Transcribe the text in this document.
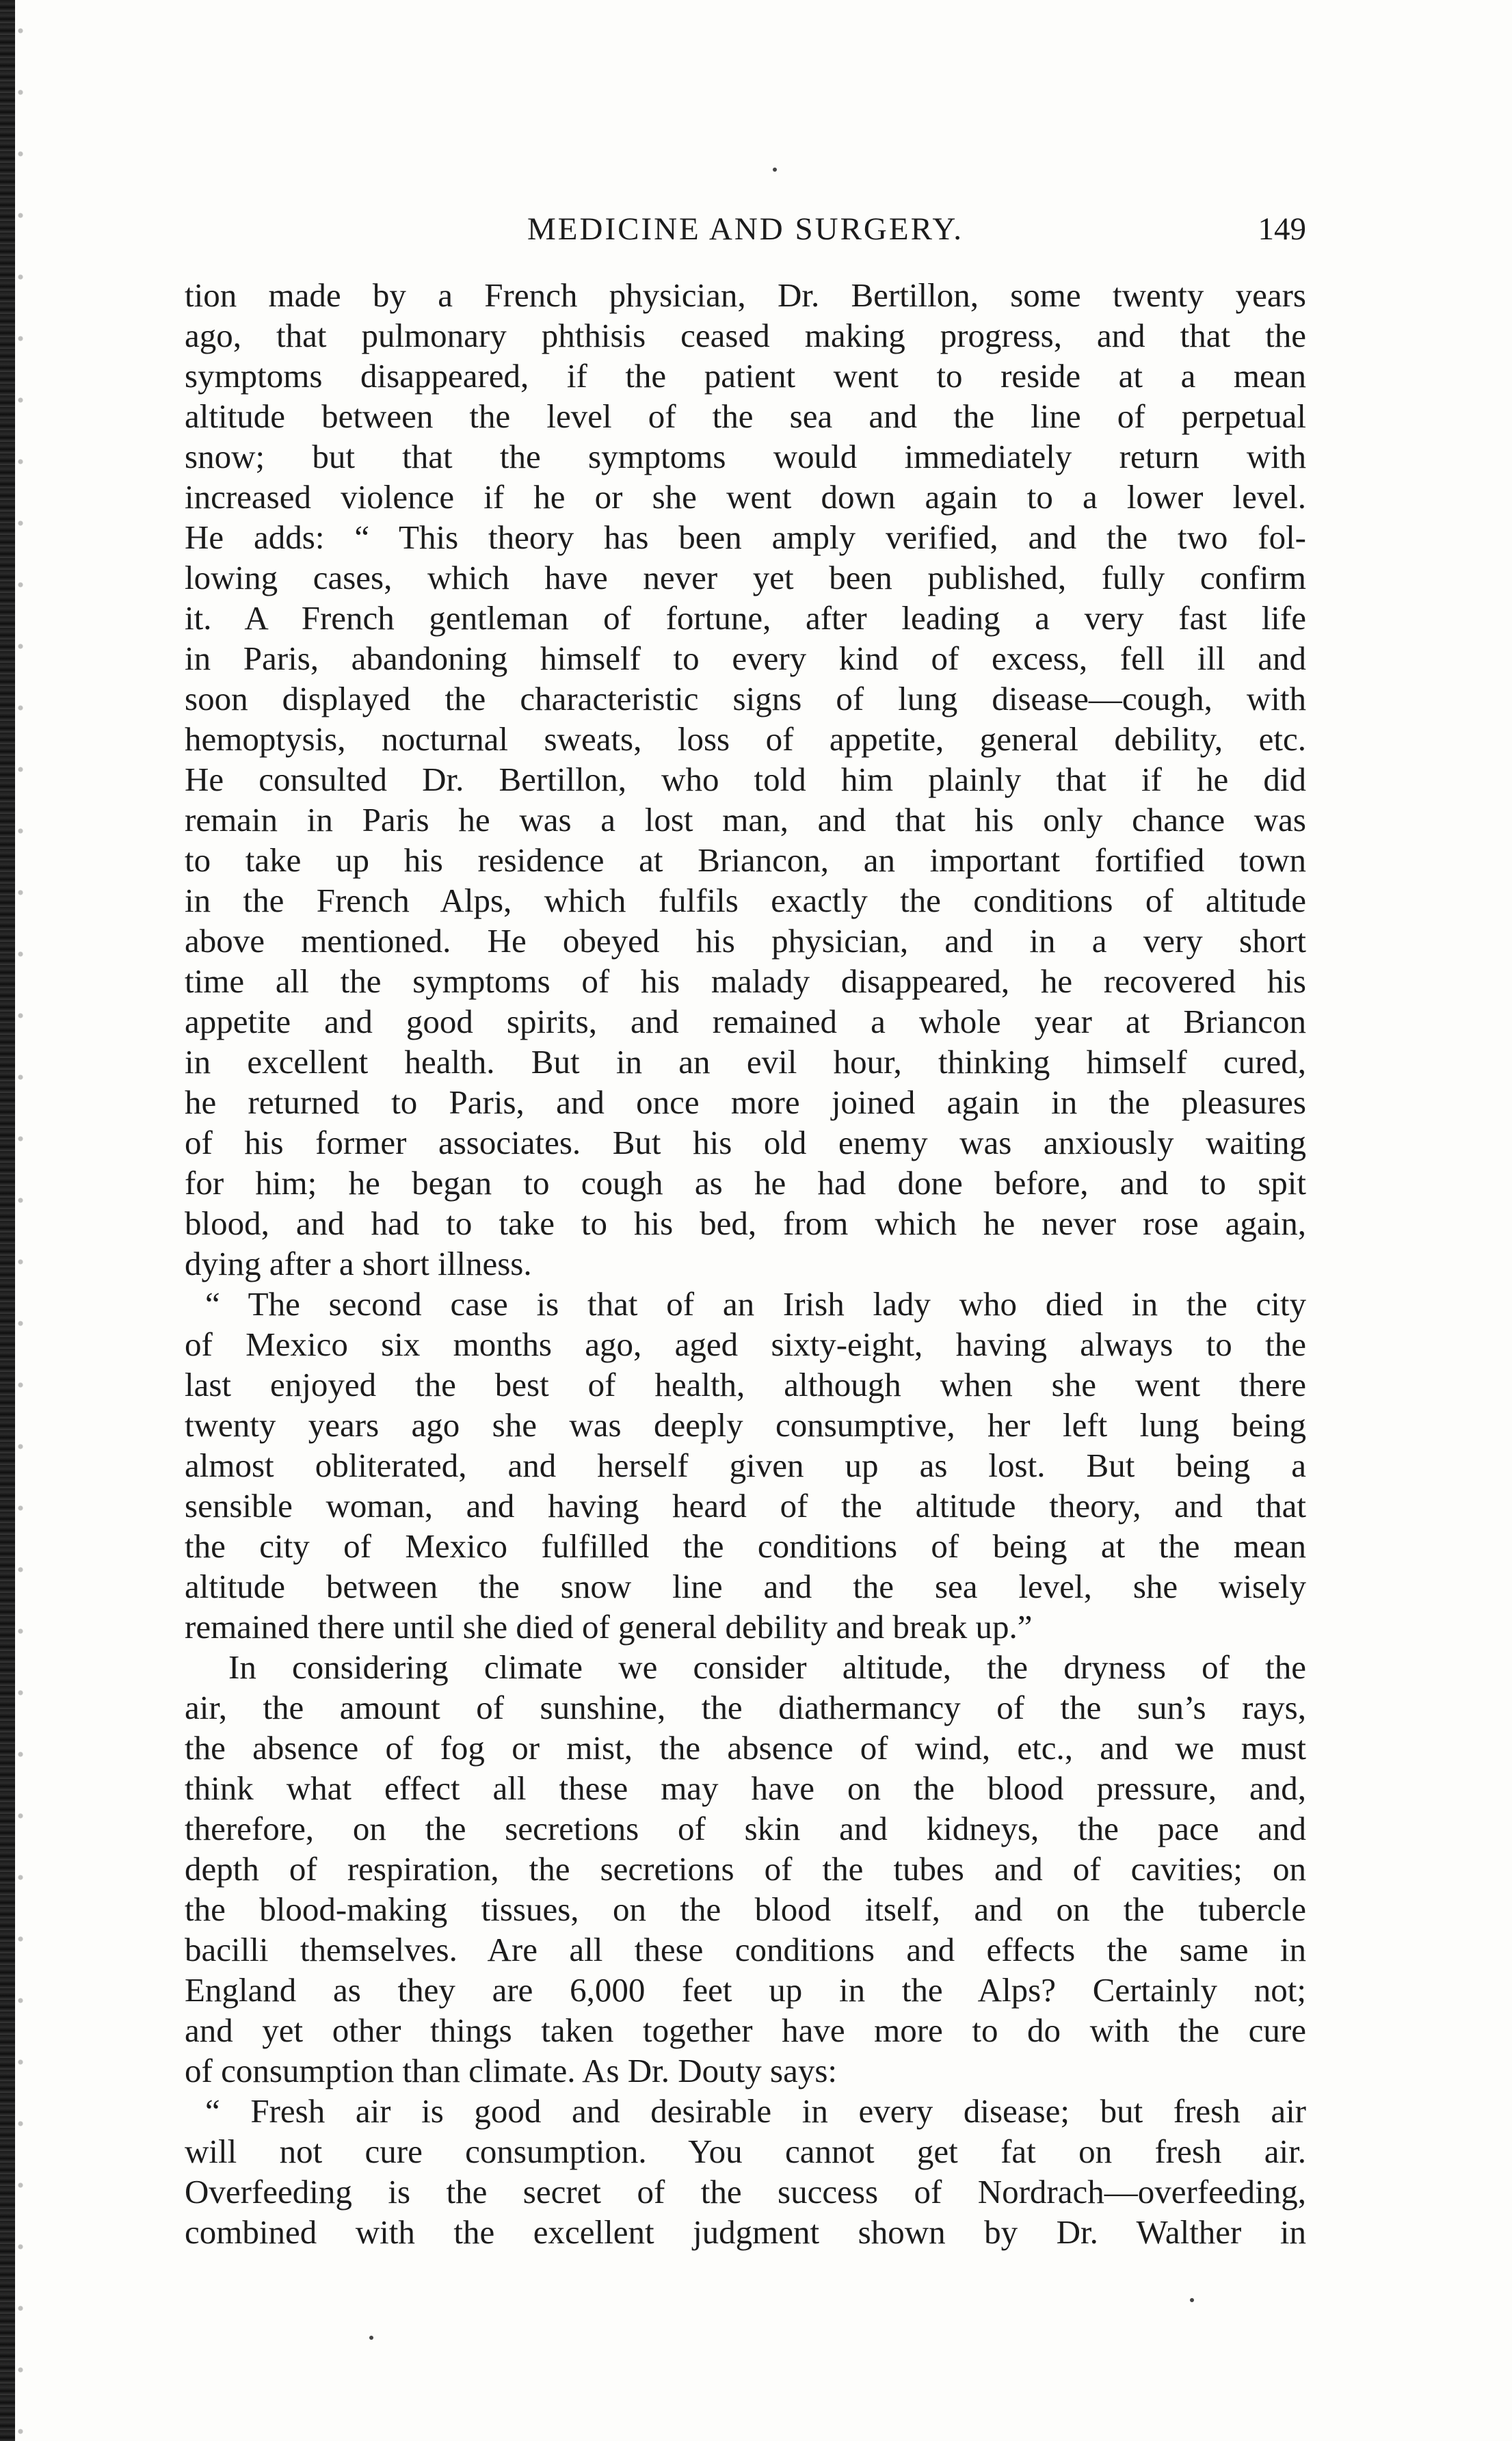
MEDICINE AND SURGERY.	149
tion made by a French physician, Dr. Bertillon, some twenty years
ago, that pulmonary phthisis ceased making progress, and that the
symptoms disappeared, if the patient went to reside at a mean
altitude between the level of the sea and the line of perpetual
snow; but that the symptoms would immediately return with
increased violence if he or she went down again to a lower level.
He adds: “ This theory has been amply verified, and the two fol-
lowing cases, which have never yet been published, fully confirm
it. A French gentleman of fortune, after leading a very fast life
in Paris, abandoning himself to every kind of excess, fell ill and
soon displayed the characteristic signs of lung disease—cough, with
hemoptysis, nocturnal sweats, loss of appetite, general debility, etc.
He consulted Dr. Bertillon, who told him plainly that if he did
remain in Paris he was a lost man, and that his only chance was
to take up his residence at Briancon, an important fortified town
in the French Alps, which fulfils exactly the conditions of altitude
above mentioned. He obeyed his physician, and in a very short
time all the symptoms of his malady disappeared, he recovered his
appetite and good spirits, and remained a whole year at Briancon
in excellent health. But in an evil hour, thinking himself cured,
he returned to Paris, and once more joined again in the pleasures
of his former associates. But his old enemy was anxiously waiting
for him; he began to cough as he had done before, and to spit
blood, and had to take to his bed, from which he never rose again,
dying after a short illness.
“ The second case is that of an Irish lady who died in the city
of Mexico six months ago, aged sixty-eight, having always to the
last enjoyed the best of health, although when she went there
twenty years ago she was deeply consumptive, her left lung being
almost obliterated, and herself given up as lost. But being a
sensible woman, and having heard of the altitude theory, and that
the city of Mexico fulfilled the conditions of being at the mean
altitude between the snow line and the sea level, she wisely
remained there until she died of general debility and break up.”
In considering climate we consider altitude, the dryness of the
air, the amount of sunshine, the diathermancy of the sun’s rays,
the absence of fog or mist, the absence of wind, etc., and we must
think what effect all these may have on the blood pressure, and,
therefore, on the secretions of skin and kidneys, the pace and
depth of respiration, the secretions of the tubes and of cavities; on
the blood-making tissues, on the blood itself, and on the tubercle
bacilli themselves. Are all these conditions and effects the same in
England as they are 6,000 feet up in the Alps? Certainly not;
and yet other things taken together have more to do with the cure
of consumption than climate. As Dr. Douty says:
“ Fresh air is good and desirable in every disease; but fresh air
will not cure consumption. You cannot get fat on fresh air.
Overfeeding is the secret of the success of Nordrach—overfeeding,
combined with the excellent judgment shown by Dr. Walther in
